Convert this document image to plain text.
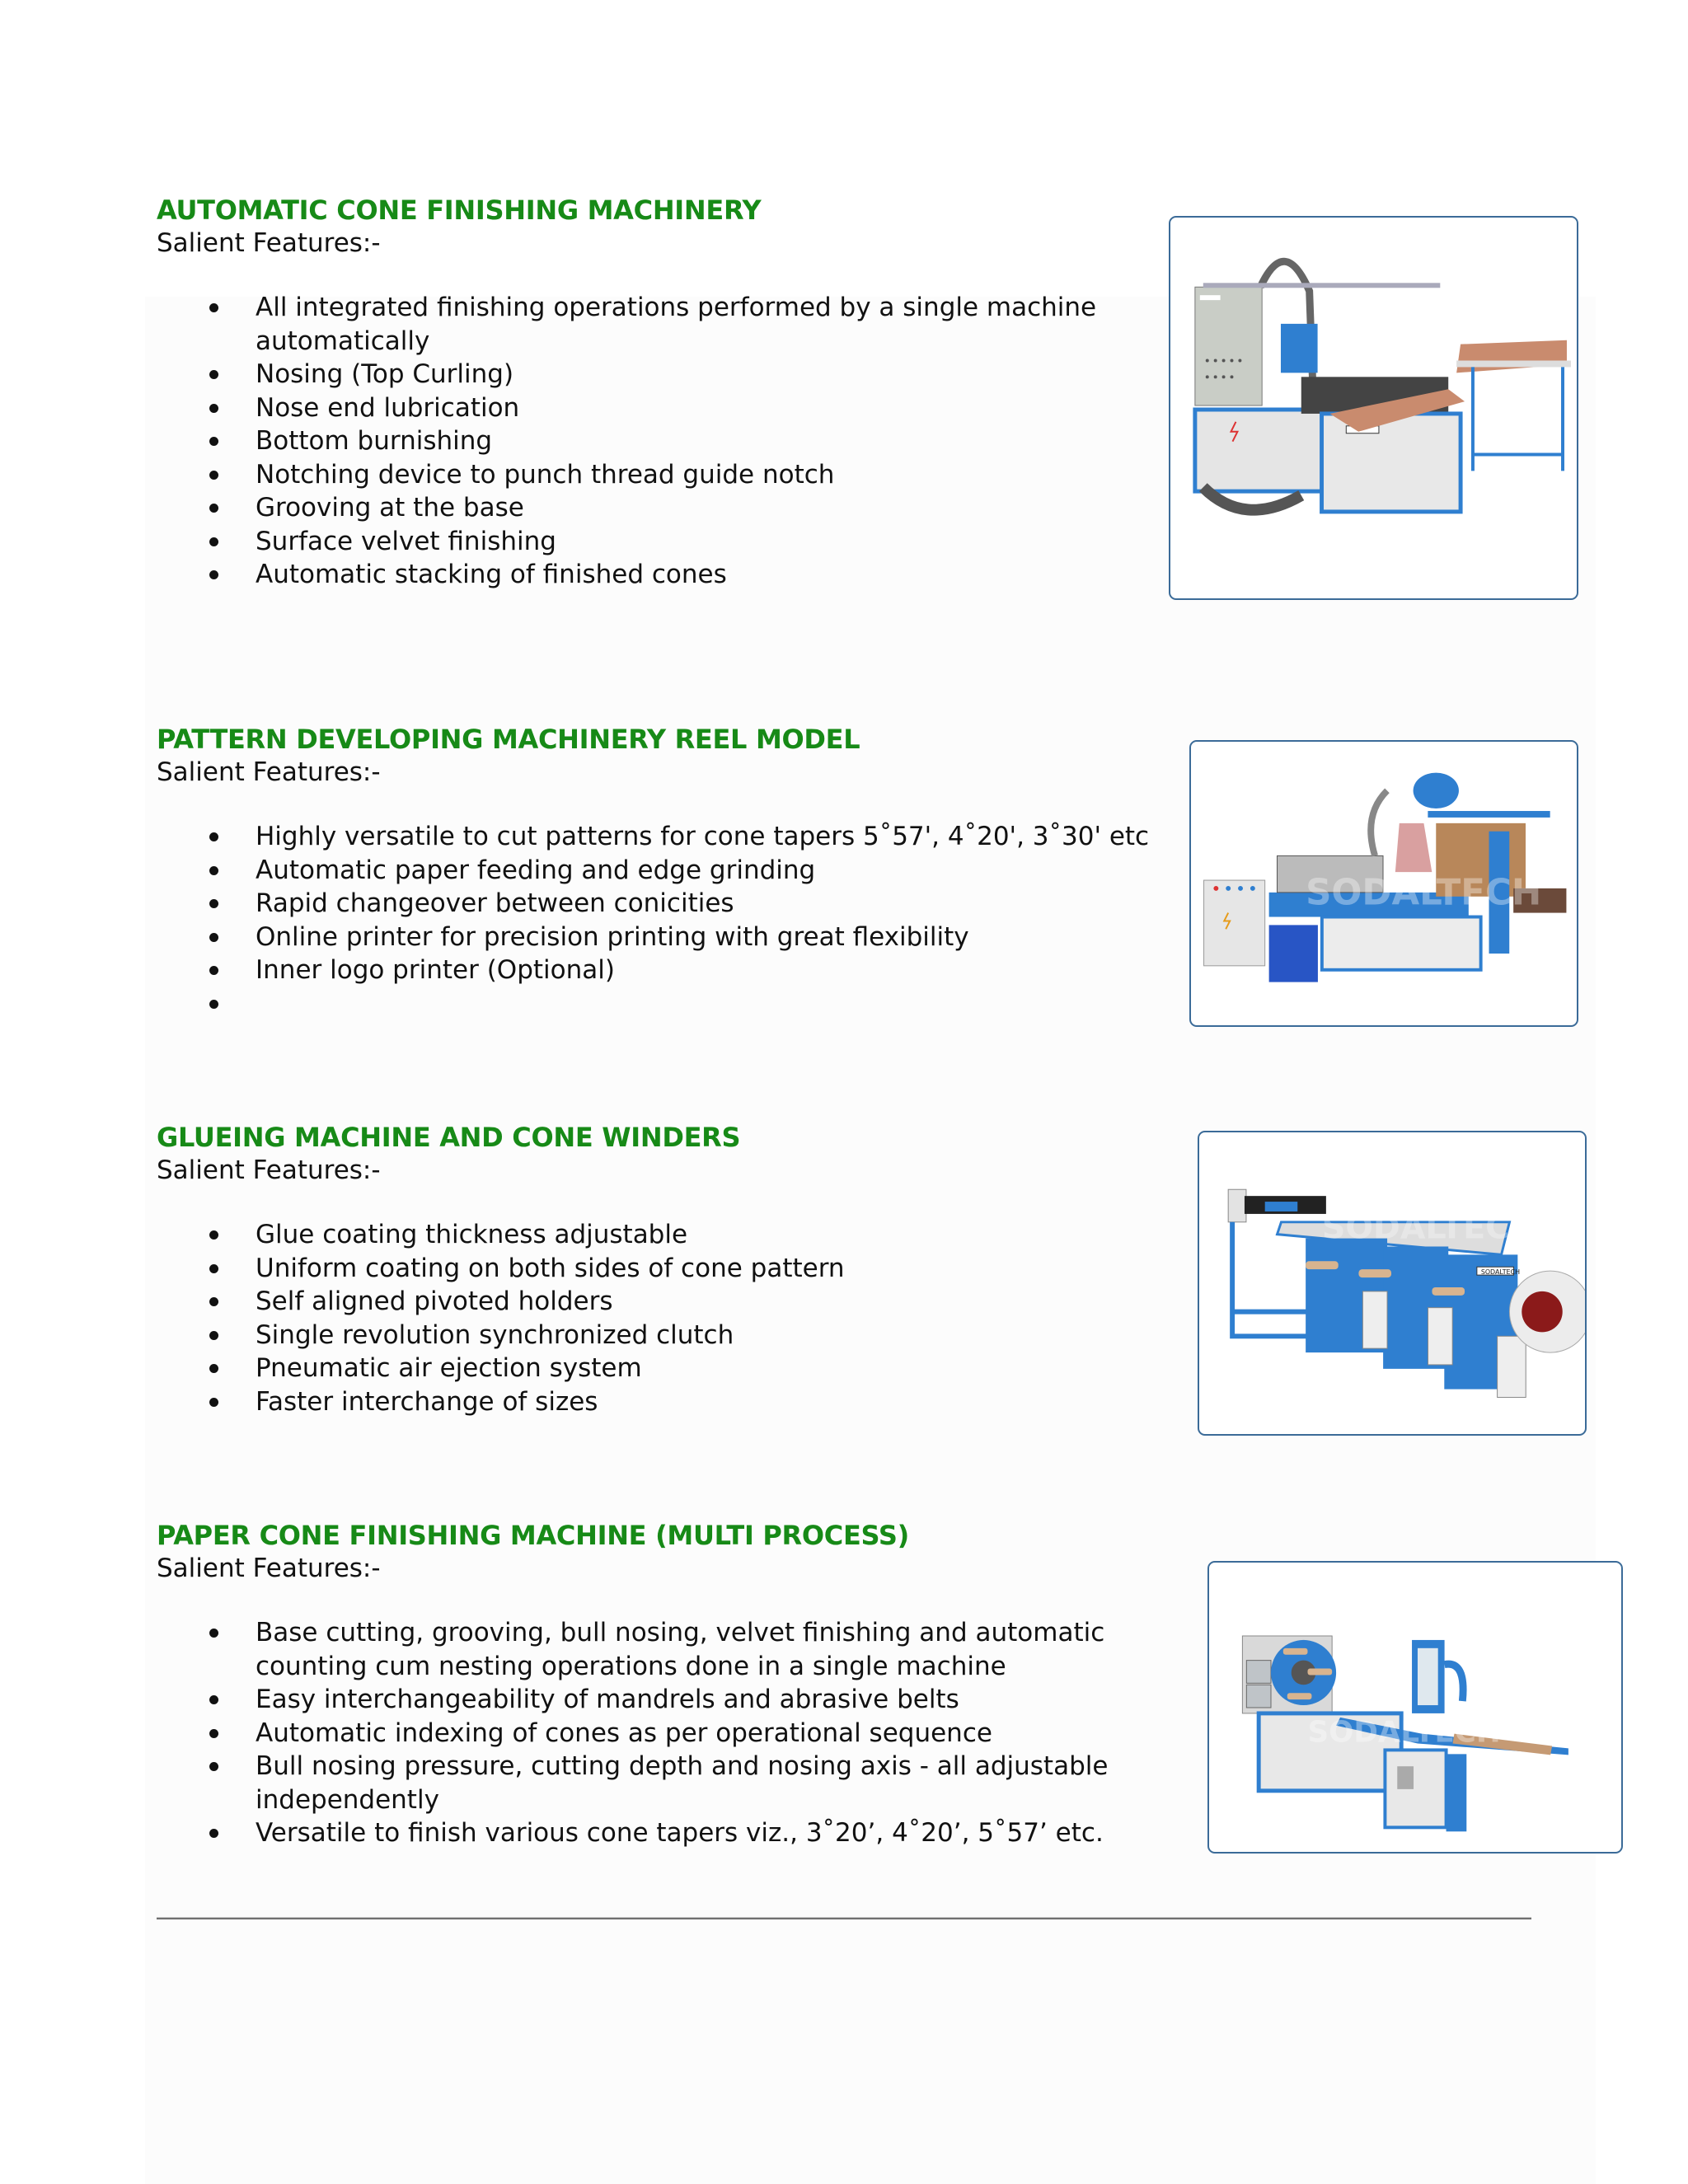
AUTOMATIC CONE FINISHING MACHINERY

Salient Features:-

All integrated finishing operations performed by a single machine automatically
Nosing (Top Curling)
Nose end lubrication
Bottom burnishing
Notching device to punch thread guide notch
Grooving at the base
Surface velvet finishing
Automatic stacking of finished cones
SODALTECH
PATTERN DEVELOPING MACHINERY REEL MODEL

Salient Features:-

Highly versatile to cut patterns for cone tapers 5˚57', 4˚20', 3˚30' etc
Automatic paper feeding and edge grinding
Rapid changeover between conicities
Online printer for precision printing with great flexibility
Inner logo printer (Optional)
SODALTECH
GLUEING MACHINE AND CONE WINDERS

Salient Features:-

Glue coating thickness adjustable
Uniform coating on both sides of cone pattern
Self aligned pivoted holders
Single revolution synchronized clutch
Pneumatic air ejection system
Faster interchange of sizes
SODALTECH
SODALTECH
PAPER CONE FINISHING MACHINE (MULTI PROCESS)

Salient Features:-

Base cutting, grooving, bull nosing, velvet finishing and automatic counting cum nesting operations done in a single machine
Easy interchangeability of mandrels and abrasive belts
Automatic indexing of cones as per operational sequence
Bull nosing pressure, cutting depth and nosing axis - all adjustable independently
Versatile to finish various cone tapers viz., 3˚20’, 4˚20’, 5˚57’ etc.
SODALTECH
